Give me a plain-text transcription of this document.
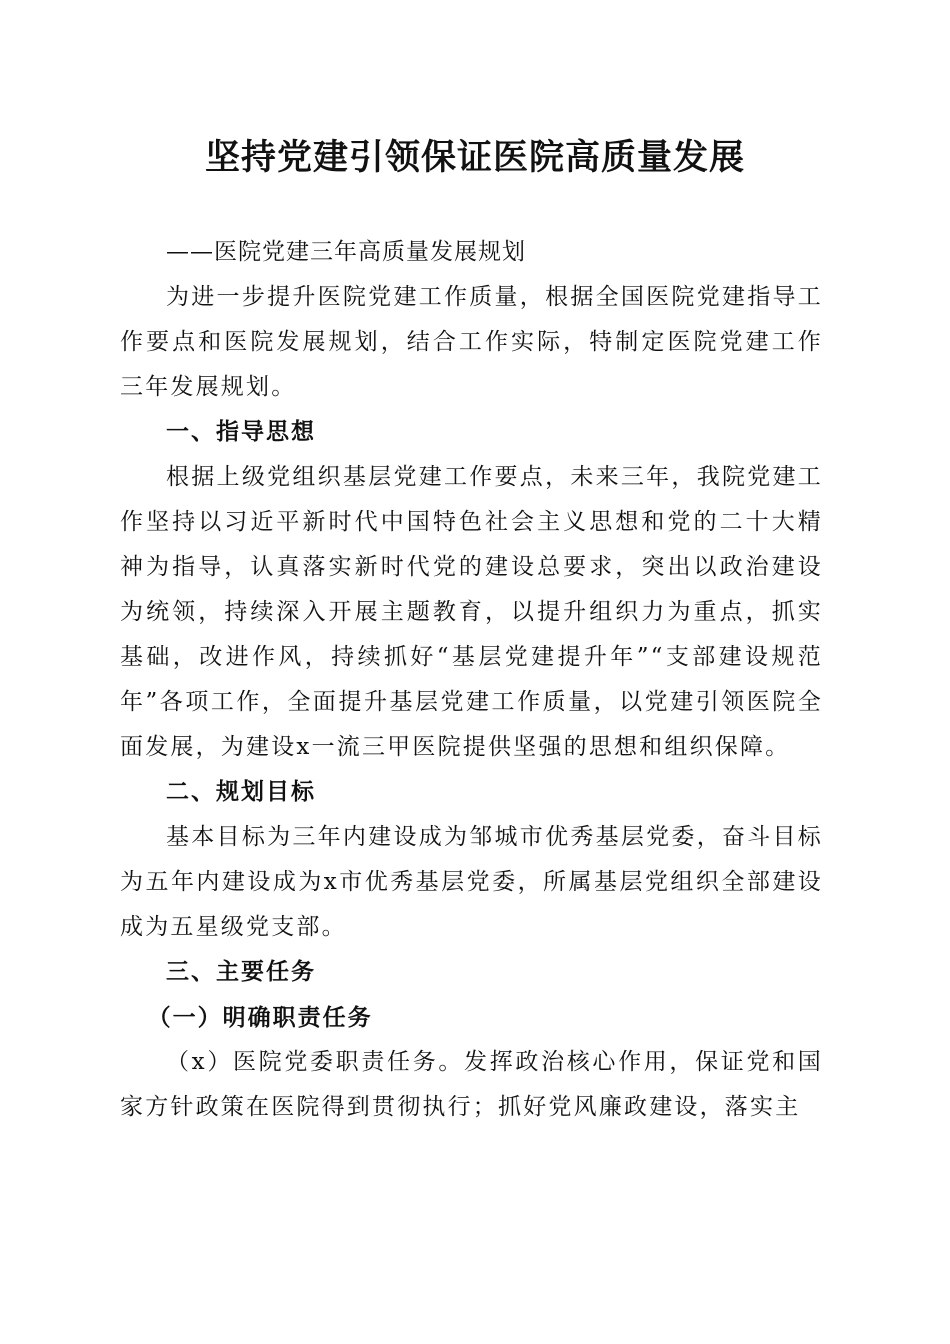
坚持党建引领保证医院高质量发展

——医院党建三年高质量发展规划

为进一步提升医院党建工作质量，根据全国医院党建指导工作要点和医院发展规划，结合工作实际，特制定医院党建工作三年发展规划。

一、指导思想

根据上级党组织基层党建工作要点，未来三年，我院党建工作坚持以习近平新时代中国特色社会主义思想和党的二十大精神为指导，认真落实新时代党的建设总要求，突出以政治建设为统领，持续深入开展主题教育，以提升组织力为重点，抓实基础，改进作风，持续抓好“基层党建提升年”“支部建设规范年”各项工作，全面提升基层党建工作质量，以党建引领医院全面发展，为建设x一流三甲医院提供坚强的思想和组织保障。

二、规划目标

基本目标为三年内建设成为邹城市优秀基层党委，奋斗目标为五年内建设成为x市优秀基层党委，所属基层党组织全部建设成为五星级党支部。

三、主要任务

（一）明确职责任务

（x）医院党委职责任务。发挥政治核心作用，保证党和国家方针政策在医院得到贯彻执行；抓好党风廉政建设，落实主
